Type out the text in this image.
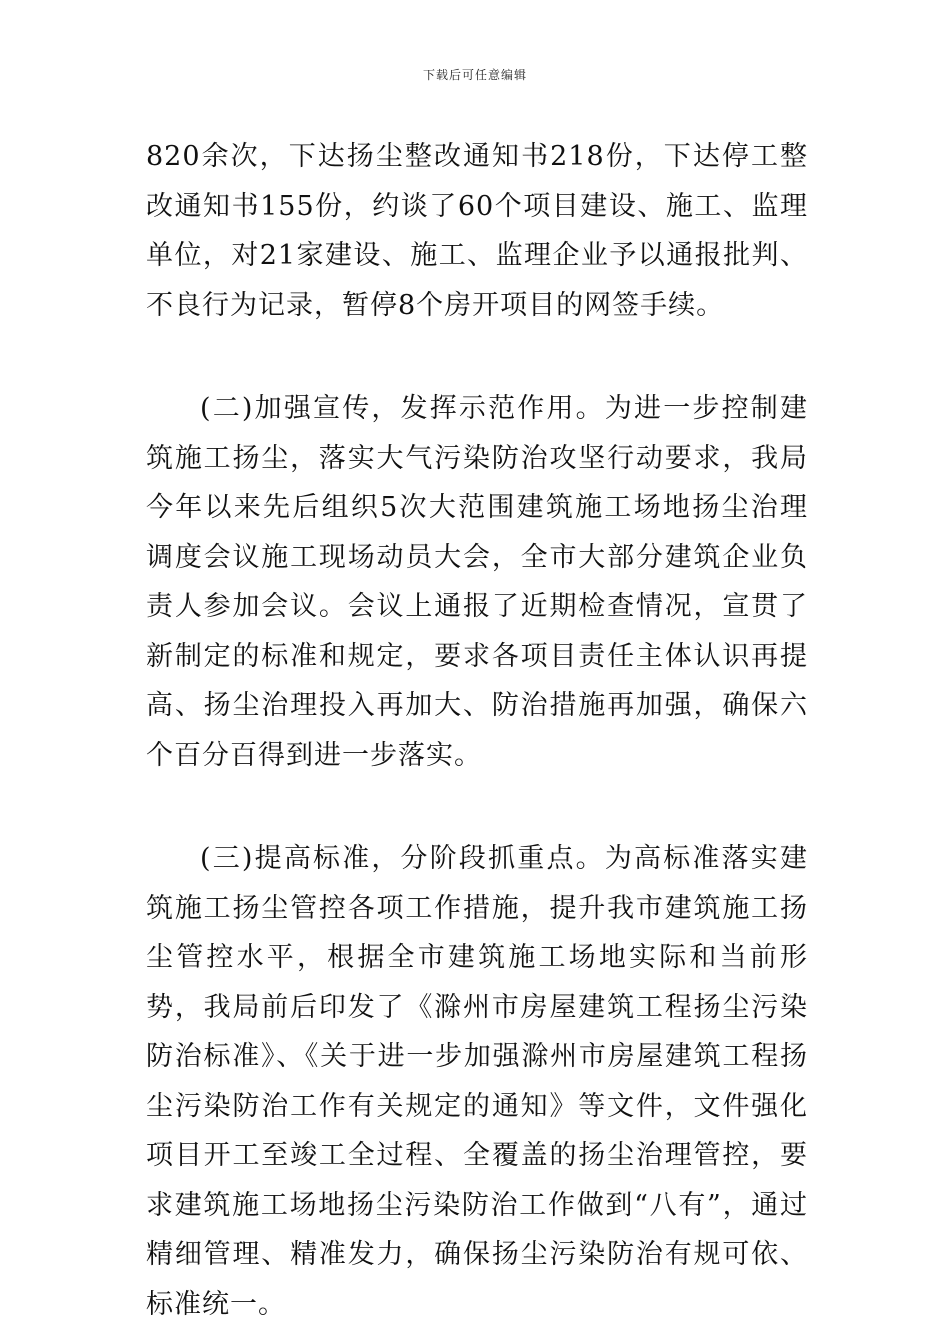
下载后可任意编辑

820余次，下达扬尘整改通知书218份，下达停工整改通知书155份，约谈了60个项目建设、施工、监理单位，对21家建设、施工、监理企业予以通报批判、不良行为记录，暂停8个房开项目的网签手续。

(二)加强宣传，发挥示范作用。为进一步控制建筑施工扬尘，落实大气污染防治攻坚行动要求，我局今年以来先后组织5次大范围建筑施工场地扬尘治理调度会议施工现场动员大会，全市大部分建筑企业负责人参加会议。会议上通报了近期检查情况，宣贯了新制定的标准和规定，要求各项目责任主体认识再提高、扬尘治理投入再加大、防治措施再加强，确保六个百分百得到进一步落实。

(三)提高标准，分阶段抓重点。为高标准落实建筑施工扬尘管控各项工作措施，提升我市建筑施工扬尘管控水平，根据全市建筑施工场地实际和当前形势，我局前后印发了《滁州市房屋建筑工程扬尘污染防治标准》、《关于进一步加强滁州市房屋建筑工程扬尘污染防治工作有关规定的通知》等文件，文件强化项目开工至竣工全过程、全覆盖的扬尘治理管控，要求建筑施工场地扬尘污染防治工作做到“八有”，通过精细管理、精准发力，确保扬尘污染防治有规可依、标准统一。
